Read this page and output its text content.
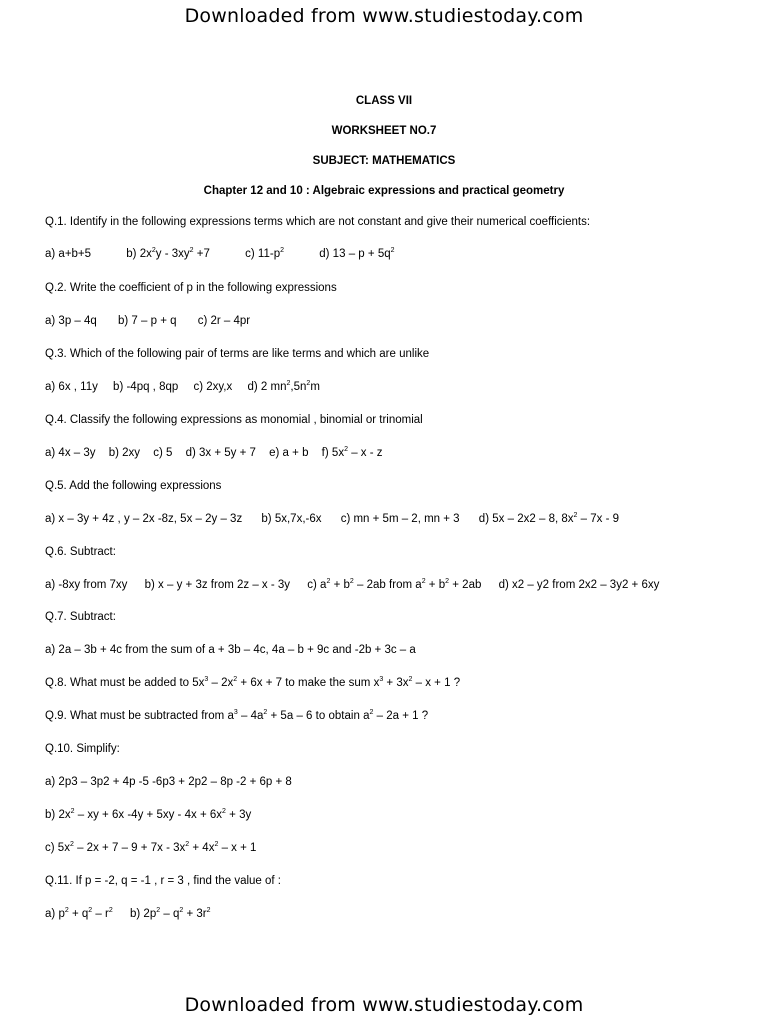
Downloaded from www.studiestoday.com
CLASS VII
WORKSHEET NO.7
SUBJECT: MATHEMATICS
Chapter 12 and 10 : Algebraic expressions and practical geometry
Q.1. Identify in the following expressions terms which are not constant and give their numerical coefficients:
a) a+b+5	b) $2x^2y - 3xy^2 +7$	c) $11-p^2$	d) $13 - p + 5q^2$
Q.2. Write the coefficient of p in the following expressions
a) 3p – 4q b) 7 – p + q c) 2r – 4pr
Q.3. Which of the following pair of terms are like terms and which are unlike
a) 6x , 11y b) -4pq , 8qp c) 2xy,x d) 2 $mn^2,5n^2m$
Q.4. Classify the following expressions as monomial , binomial or trinomial
a) 4x – 3y b) 2xy c) 5 d) 3x + 5y + 7 e) a + b f) $5x^2$ – x - z
Q.5. Add the following expressions
a) x – 3y + 4z , y – 2x -8z, 5x – 2y – 3z b) 5x,7x,-6x c) mn + 5m – 2, mn + 3 d) 5x – 2x2 – 8, $8x^2 - 7x - 9$
Q.6. Subtract:
a) -8xy from 7xy b) x – y + 3z from 2z – x - 3y c) $a^2 + b^2 - 2ab$ from $a^2 + b^2 + 2ab$ d) x2 – y2 from 2x2 – 3y2 + 6xy
Q.7. Subtract:
a) 2a – 3b + 4c from the sum of a + 3b – 4c, 4a – b + 9c and -2b + 3c – a
Q.8. What must be added to $5x^3 - 2x^2 + 6x + 7$ to make the sum $x^3 + 3x^2 - x + 1$ ?
Q.9. What must be subtracted from $a^3 - 4a^2 + 5a - 6$ to obtain $a^2 - 2a + 1$ ?
Q.10. Simplify:
a) 2p3 – 3p2 + 4p -5 -6p3 + 2p2 – 8p -2 + 6p + 8
b) $2x^2$ – xy + 6x $-4y + 5xy - 4x + 6x^2 + 3y$
c) $5x^2 - 2x + 7 - 9 + 7x - 3x^2 + 4x^2 - x + 1$
Q.11. If p = -2, q = -1 , r = 3 , find the value of :
a) $p^2 + q^2 - r^2$ b) $2p^2 - q^2 + 3r^2$
Downloaded from www.studiestoday.com
